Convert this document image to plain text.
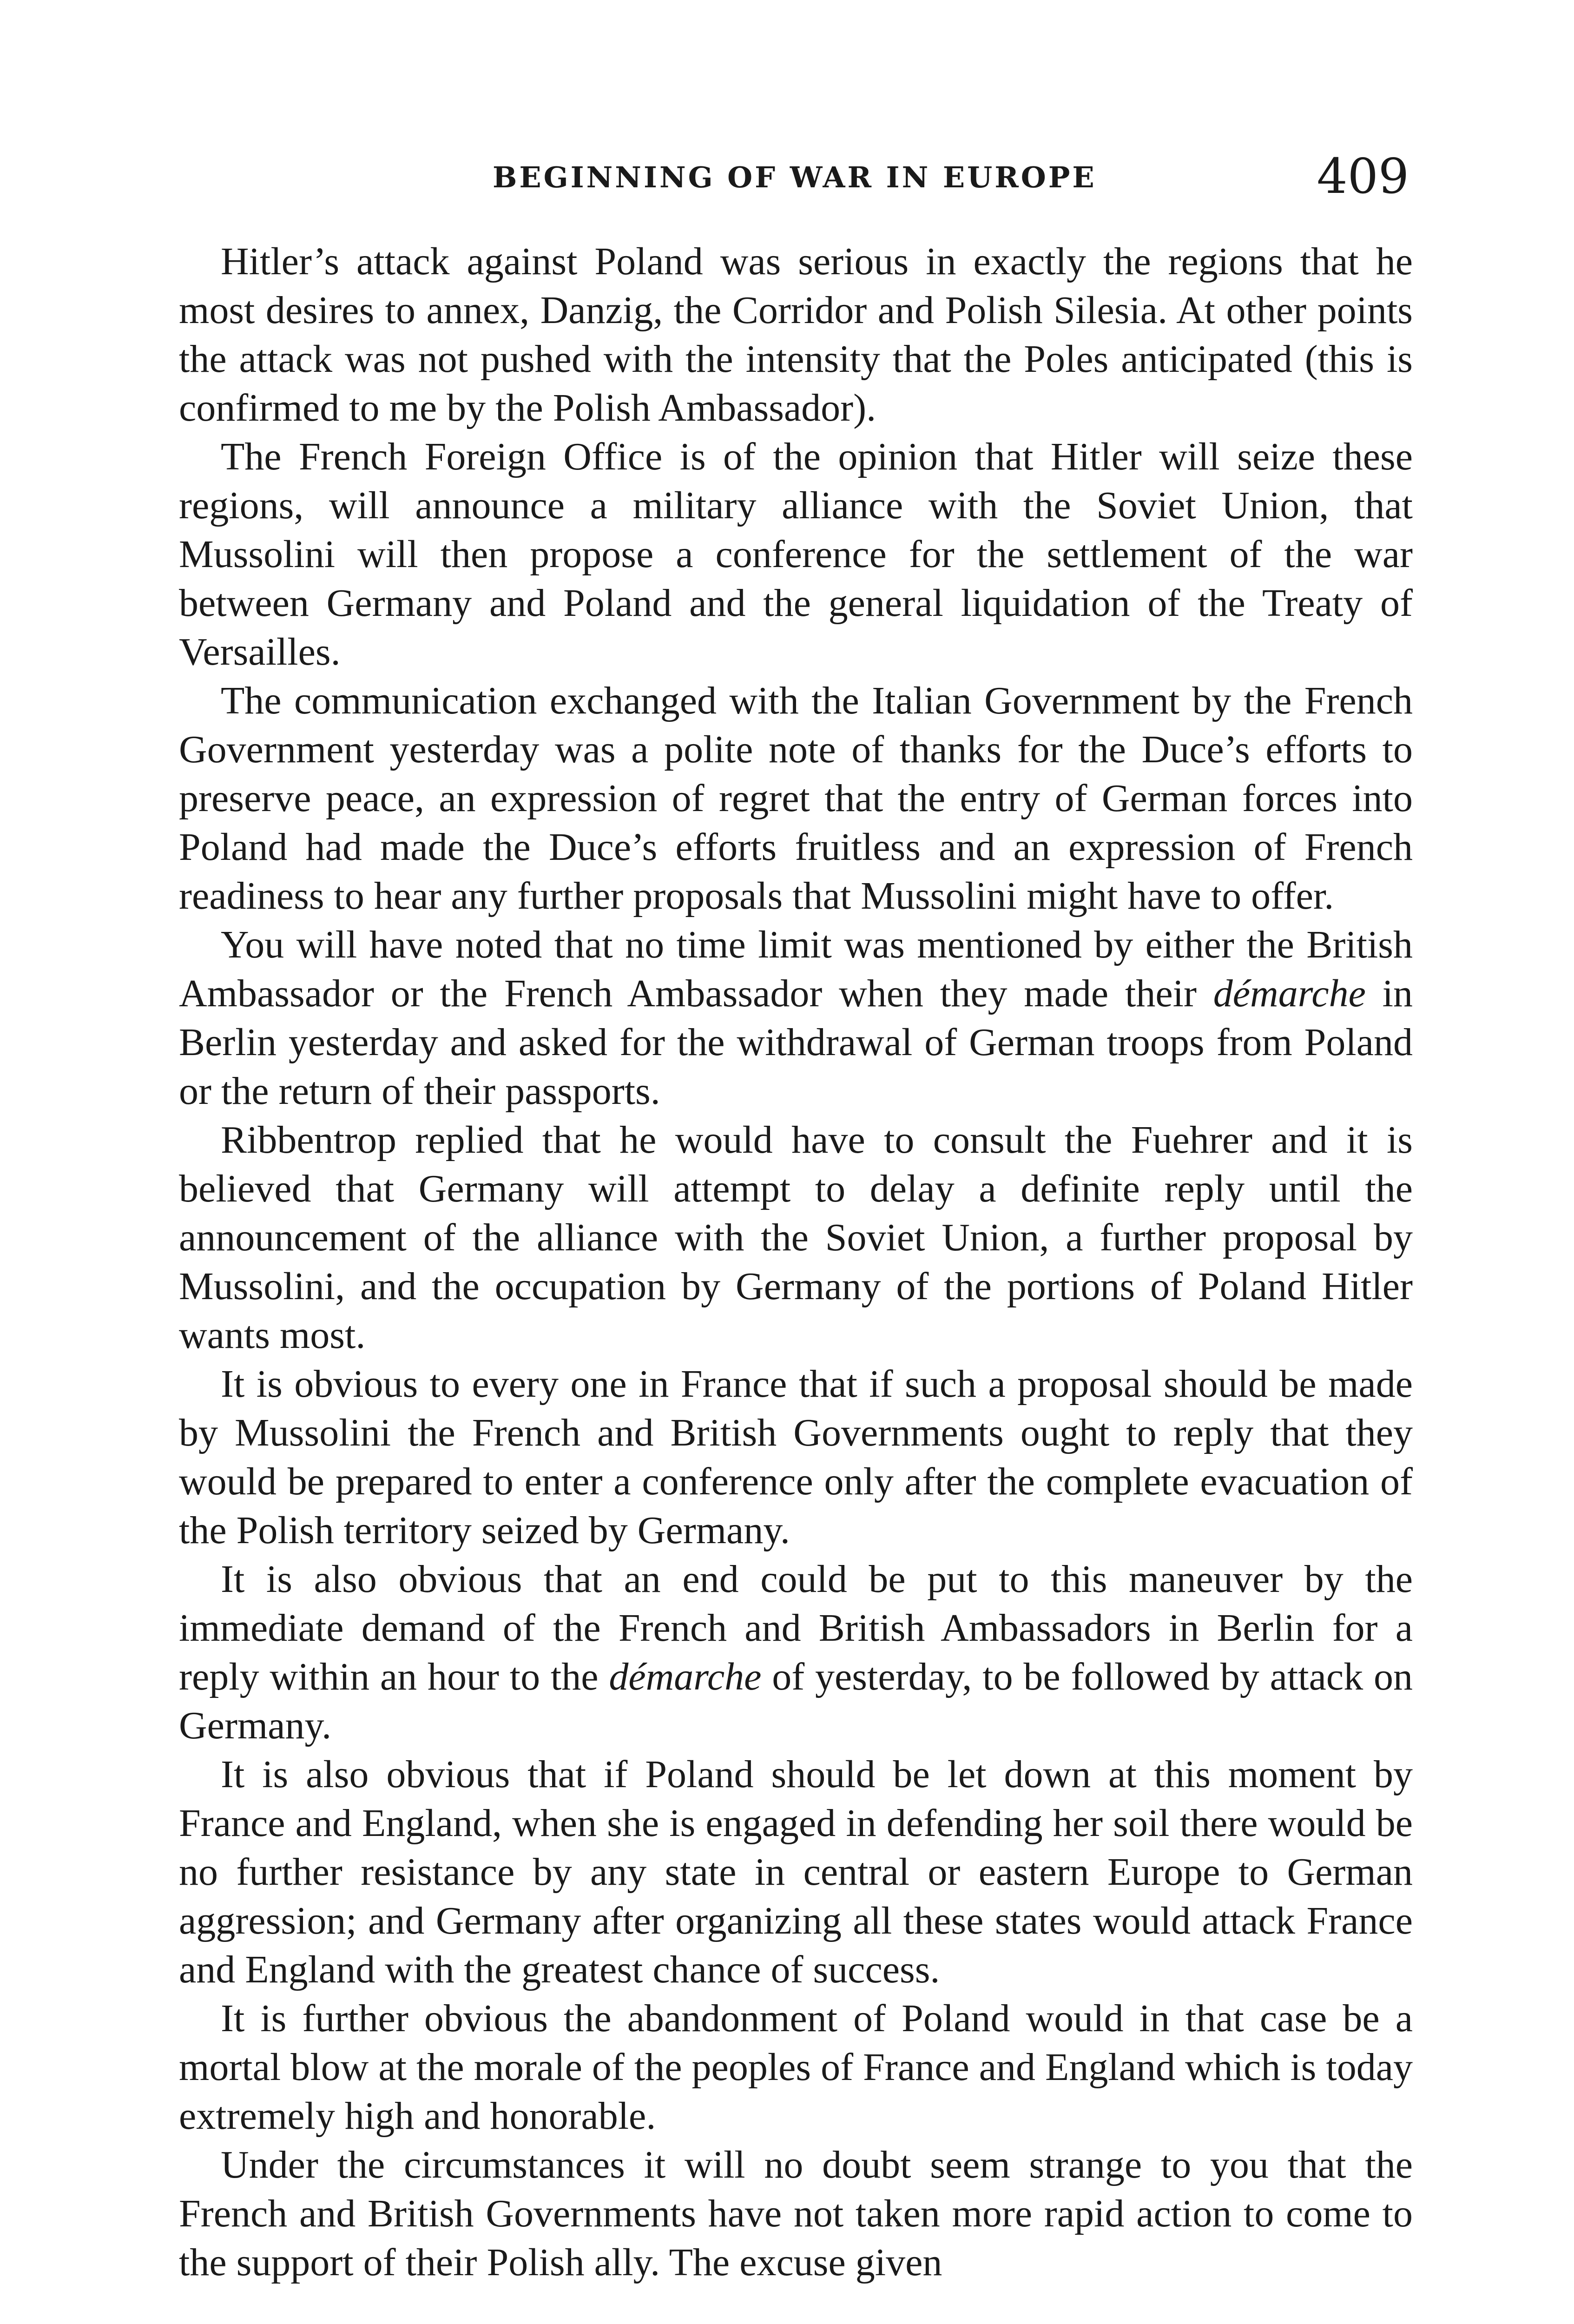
BEGINNING OF WAR IN EUROPE	409

Hitler’s attack against Poland was serious in exactly the regions that he most desires to annex, Danzig, the Corridor and Polish Silesia. At other points the attack was not pushed with the intensity that the Poles anticipated (this is confirmed to me by the Polish Ambassador).

The French Foreign Office is of the opinion that Hitler will seize these regions, will announce a military alliance with the Soviet Union, that Mussolini will then propose a conference for the settlement of the war between Germany and Poland and the general liquidation of the Treaty of Versailles.

The communication exchanged with the Italian Government by the French Government yesterday was a polite note of thanks for the Duce’s efforts to preserve peace, an expression of regret that the entry of German forces into Poland had made the Duce’s efforts fruitless and an expression of French readiness to hear any further proposals that Mussolini might have to offer.

You will have noted that no time limit was mentioned by either the British Ambassador or the French Ambassador when they made their démarche in Berlin yesterday and asked for the withdrawal of German troops from Poland or the return of their passports.

Ribbentrop replied that he would have to consult the Fuehrer and it is believed that Germany will attempt to delay a definite reply until the announcement of the alliance with the Soviet Union, a further proposal by Mussolini, and the occupation by Germany of the portions of Poland Hitler wants most.

It is obvious to every one in France that if such a proposal should be made by Mussolini the French and British Governments ought to reply that they would be prepared to enter a conference only after the complete evacuation of the Polish territory seized by Germany.

It is also obvious that an end could be put to this maneuver by the immediate demand of the French and British Ambassadors in Berlin for a reply within an hour to the démarche of yesterday, to be followed by attack on Germany.

It is also obvious that if Poland should be let down at this moment by France and England, when she is engaged in defending her soil there would be no further resistance by any state in central or eastern Europe to German aggression; and Germany after organizing all these states would attack France and England with the greatest chance of success.

It is further obvious the abandonment of Poland would in that case be a mortal blow at the morale of the peoples of France and England which is today extremely high and honorable.

Under the circumstances it will no doubt seem strange to you that the French and British Governments have not taken more rapid action to come to the support of their Polish ally. The excuse given
